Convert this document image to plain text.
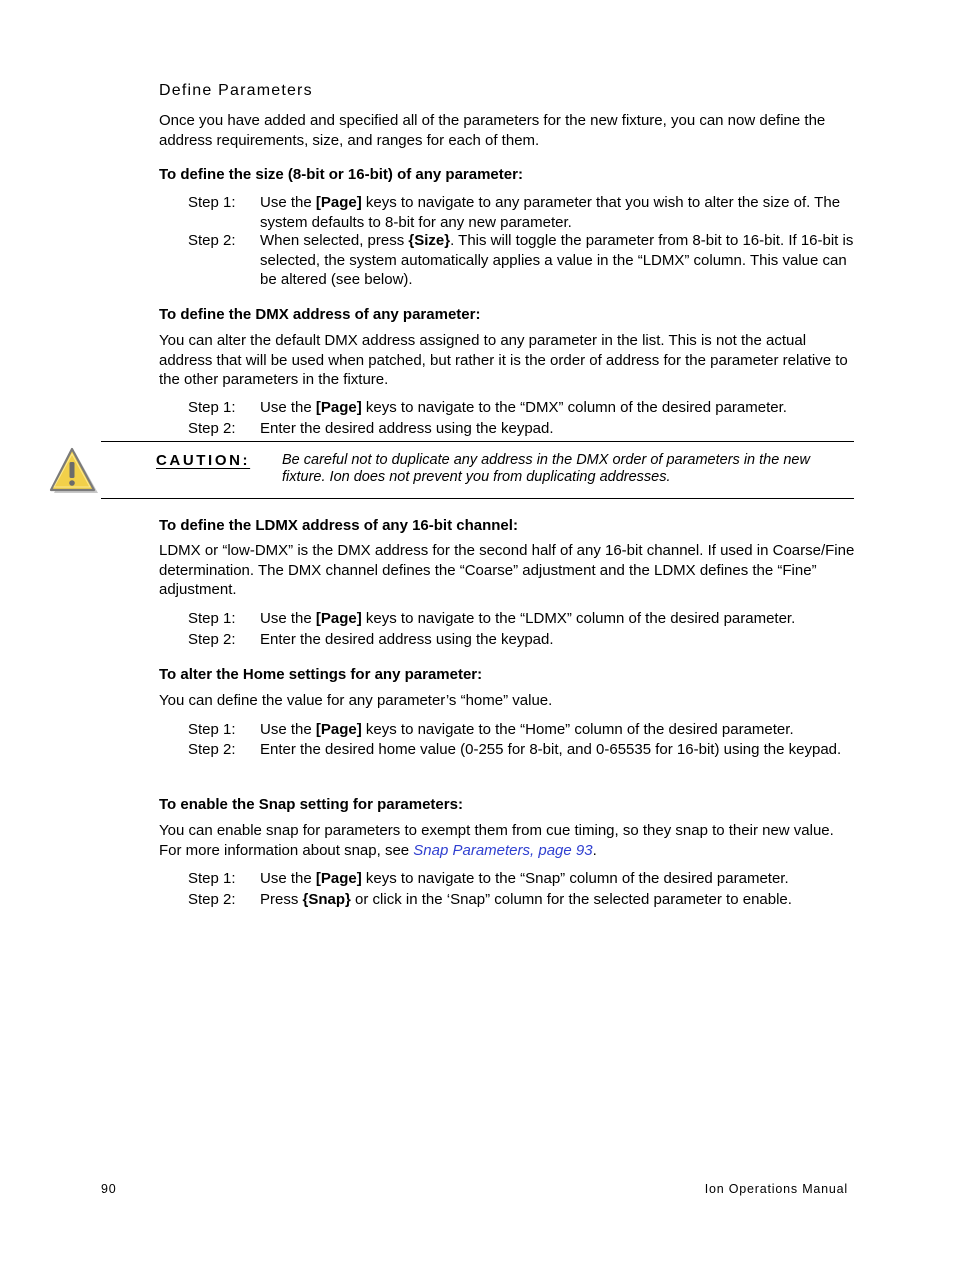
Define Parameters
Once you have added and specified all of the parameters for the new fixture, you can now define the address requirements, size, and ranges for each of them.
To define the size (8-bit or 16-bit) of any parameter:
Step 1:	Use the [Page] keys to navigate to any parameter that you wish to alter the size of. The system defaults to 8-bit for any new parameter.
Step 2:	When selected, press {Size}. This will toggle the parameter from 8-bit to 16-bit. If 16-bit is selected, the system automatically applies a value in the “LDMX” column. This value can be altered (see below).
To define the DMX address of any parameter:
You can alter the default DMX address assigned to any parameter in the list. This is not the actual address that will be used when patched, but rather it is the order of address for the parameter relative to the other parameters in the fixture.
Step 1:	Use the [Page] keys to navigate to the “DMX” column of the desired parameter.
Step 2:	Enter the desired address using the keypad.
CAUTION: Be careful not to duplicate any address in the DMX order of parameters in the new fixture. Ion does not prevent you from duplicating addresses.
To define the LDMX address of any 16-bit channel:
LDMX or “low-DMX” is the DMX address for the second half of any 16-bit channel. If used in Coarse/Fine determination. The DMX channel defines the “Coarse” adjustment and the LDMX defines the “Fine” adjustment.
Step 1:	Use the [Page] keys to navigate to the “LDMX” column of the desired parameter.
Step 2:	Enter the desired address using the keypad.
To alter the Home settings for any parameter:
You can define the value for any parameter’s “home” value.
Step 1:	Use the [Page] keys to navigate to the “Home” column of the desired parameter.
Step 2:	Enter the desired home value (0-255 for 8-bit, and 0-65535 for 16-bit) using the keypad.
To enable the Snap setting for parameters:
You can enable snap for parameters to exempt them from cue timing, so they snap to their new value. For more information about snap, see Snap Parameters, page 93.
Step 1:	Use the [Page] keys to navigate to the “Snap” column of the desired parameter.
Step 2:	Press {Snap} or click in the ‘Snap” column for the selected parameter to enable.
90	Ion Operations Manual
